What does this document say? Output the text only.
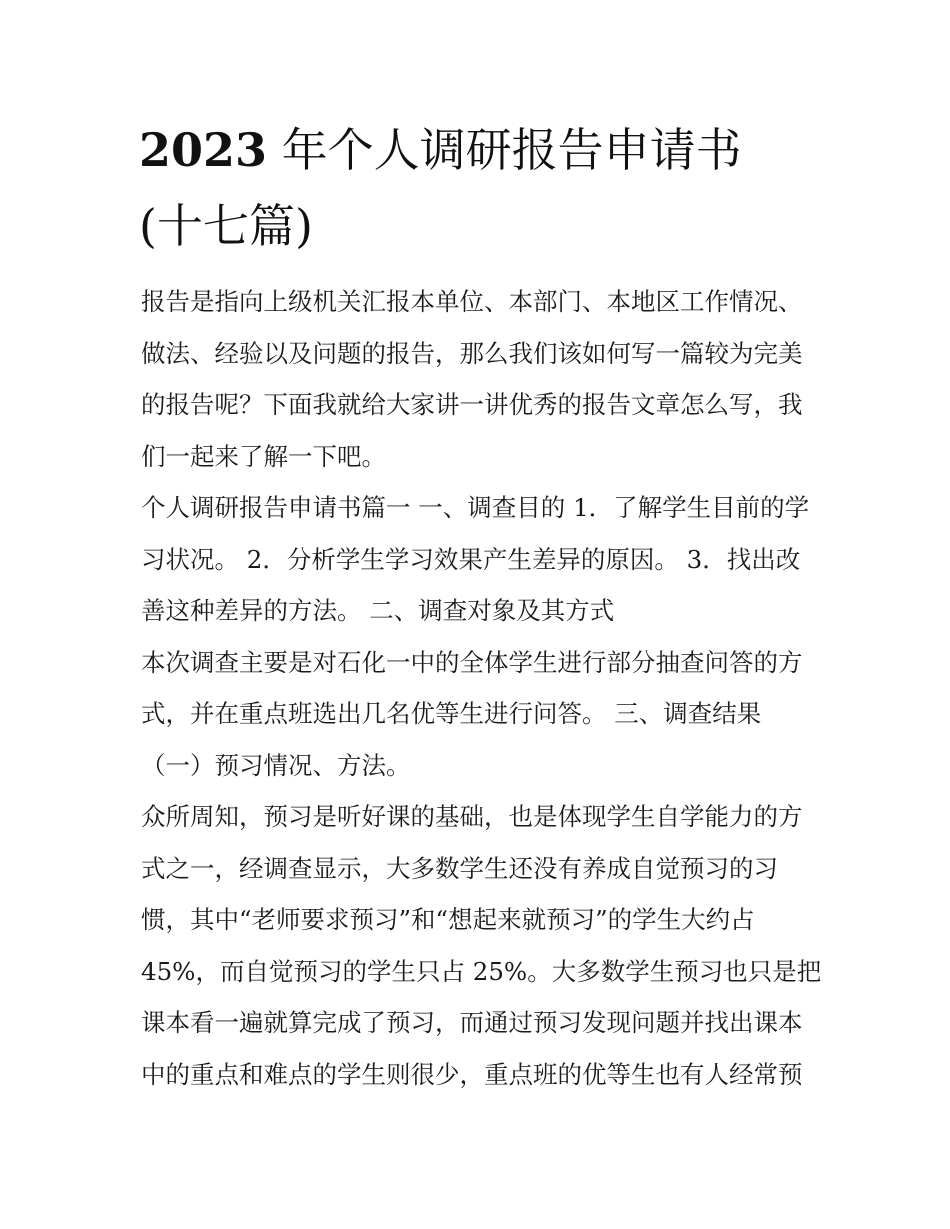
2023 年个人调研报告申请书
(十七篇)
报告是指向上级机关汇报本单位、本部门、本地区工作情况、
做法、经验以及问题的报告，那么我们该如何写一篇较为完美
的报告呢？下面我就给大家讲一讲优秀的报告文章怎么写，我
们一起来了解一下吧。
个人调研报告申请书篇一 一、调查目的 1．了解学生目前的学
习状况。 2．分析学生学习效果产生差异的原因。 3．找出改
善这种差异的方法。 二、调查对象及其方式
本次调查主要是对石化一中的全体学生进行部分抽查问答的方
式，并在重点班选出几名优等生进行问答。 三、调查结果
（一）预习情况、方法。
众所周知，预习是听好课的基础，也是体现学生自学能力的方
式之一，经调查显示，大多数学生还没有养成自觉预习的习
惯，其中“老师要求预习”和“想起来就预习”的学生大约占
45%，而自觉预习的学生只占 25%。大多数学生预习也只是把
课本看一遍就算完成了预习，而通过预习发现问题并找出课本
中的重点和难点的学生则很少，重点班的优等生也有人经常预
